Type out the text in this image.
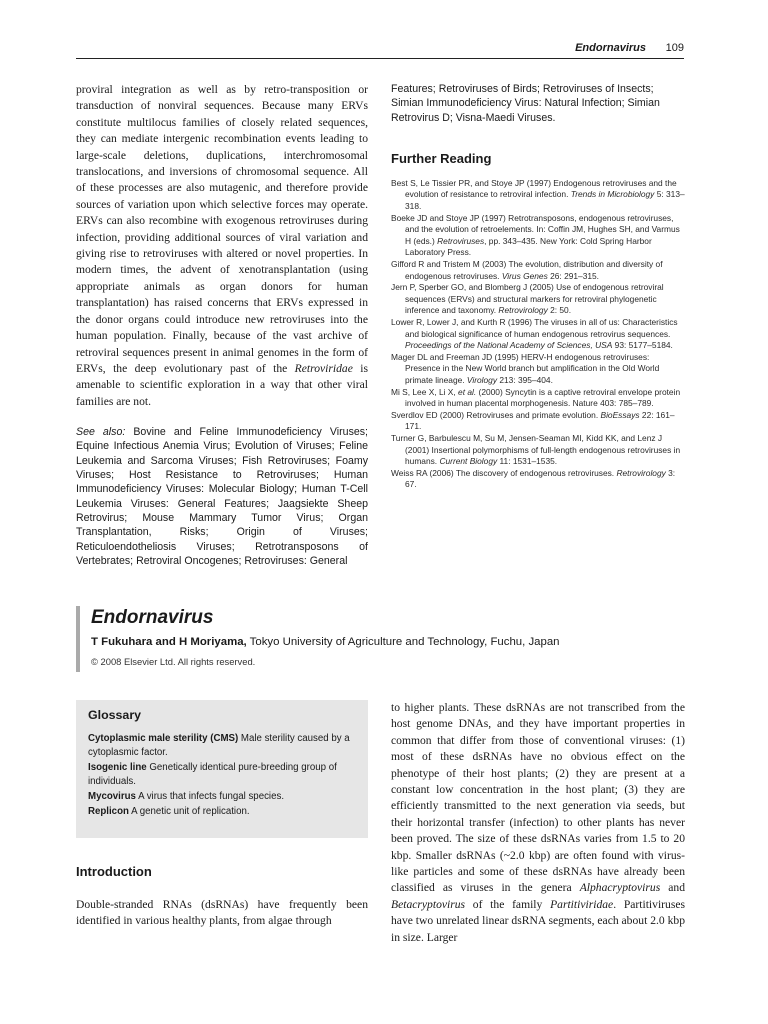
Endornavirus 109

proviral integration as well as by retro-transposition or transduction of nonviral sequences. Because many ERVs constitute multilocus families of closely related sequences, they can mediate intergenic recombination events leading to large-scale deletions, duplications, interchromosomal translocations, and inversions of chromosomal sequence. All of these processes are also mutagenic, and therefore provide sources of variation upon which selective forces may operate. ERVs can also recombine with exogenous retroviruses during infection, providing additional sources of viral variation and giving rise to retroviruses with altered or novel properties. In modern times, the advent of xenotransplantation (using appropriate animals as organ donors for human transplantation) has raised concerns that ERVs expressed in the donor organs could introduce new retroviruses into the human population. Finally, because of the vast archive of retroviral sequences present in animal genomes in the form of ERVs, the deep evolutionary past of the Retroviridae is amenable to scientific exploration in a way that other viral families are not.

See also: Bovine and Feline Immunodeficiency Viruses; Equine Infectious Anemia Virus; Evolution of Viruses; Feline Leukemia and Sarcoma Viruses; Fish Retroviruses; Foamy Viruses; Host Resistance to Retroviruses; Human Immunodeficiency Viruses: Molecular Biology; Human T-Cell Leukemia Viruses: General Features; Jaagsiekte Sheep Retrovirus; Mouse Mammary Tumor Virus; Organ Transplantation, Risks; Origin of Viruses; Reticuloendotheliosis Viruses; Retrotransposons of Vertebrates; Retroviral Oncogenes; Retroviruses: General

Features; Retroviruses of Birds; Retroviruses of Insects; Simian Immunodeficiency Virus: Natural Infection; Simian Retrovirus D; Visna-Maedi Viruses.

Further Reading
Best S, Le Tissier PR, and Stoye JP (1997) Endogenous retroviruses and the evolution of resistance to retroviral infection. Trends in Microbiology 5: 313–318.
Boeke JD and Stoye JP (1997) Retrotransposons, endogenous retroviruses, and the evolution of retroelements. In: Coffin JM, Hughes SH, and Varmus H (eds.) Retroviruses, pp. 343–435. New York: Cold Spring Harbor Laboratory Press.
Gifford R and Tristem M (2003) The evolution, distribution and diversity of endogenous retroviruses. Virus Genes 26: 291–315.
Jern P, Sperber GO, and Blomberg J (2005) Use of endogenous retroviral sequences (ERVs) and structural markers for retroviral phylogenetic inference and taxonomy. Retrovirology 2: 50.
Lower R, Lower J, and Kurth R (1996) The viruses in all of us: Characteristics and biological significance of human endogenous retrovirus sequences. Proceedings of the National Academy of Sciences, USA 93: 5177–5184.
Mager DL and Freeman JD (1995) HERV-H endogenous retroviruses: Presence in the New World branch but amplification in the Old World primate lineage. Virology 213: 395–404.
Mi S, Lee X, Li X, et al. (2000) Syncytin is a captive retroviral envelope protein involved in human placental morphogenesis. Nature 403: 785–789.
Sverdlov ED (2000) Retroviruses and primate evolution. BioEssays 22: 161–171.
Turner G, Barbulescu M, Su M, Jensen-Seaman MI, Kidd KK, and Lenz J (2001) Insertional polymorphisms of full-length endogenous retroviruses in humans. Current Biology 11: 1531–1535.
Weiss RA (2006) The discovery of endogenous retroviruses. Retrovirology 3: 67.
Endornavirus

T Fukuhara and H Moriyama, Tokyo University of Agriculture and Technology, Fuchu, Japan

© 2008 Elsevier Ltd. All rights reserved.

Glossary

Cytoplasmic male sterility (CMS) Male sterility caused by a cytoplasmic factor.

Isogenic line Genetically identical pure-breeding group of individuals.

Mycovirus A virus that infects fungal species.

Replicon A genetic unit of replication.

Introduction

Double-stranded RNAs (dsRNAs) have frequently been identified in various healthy plants, from algae through

to higher plants. These dsRNAs are not transcribed from the host genome DNAs, and they have important properties in common that differ from those of conventional viruses: (1) most of these dsRNAs have no obvious effect on the phenotype of their host plants; (2) they are present at a constant low concentration in the host plant; (3) they are efficiently transmitted to the next generation via seeds, but their horizontal transfer (infection) to other plants has never been proved. The size of these dsRNAs varies from 1.5 to 20 kbp. Smaller dsRNAs (~2.0 kbp) are often found with virus-like particles and some of these dsRNAs have already been classified as viruses in the genera Alphacryptovirus and Betacryptovirus of the family Partitiviridae. Partitiviruses have two unrelated linear dsRNA segments, each about 2.0 kbp in size. Larger
